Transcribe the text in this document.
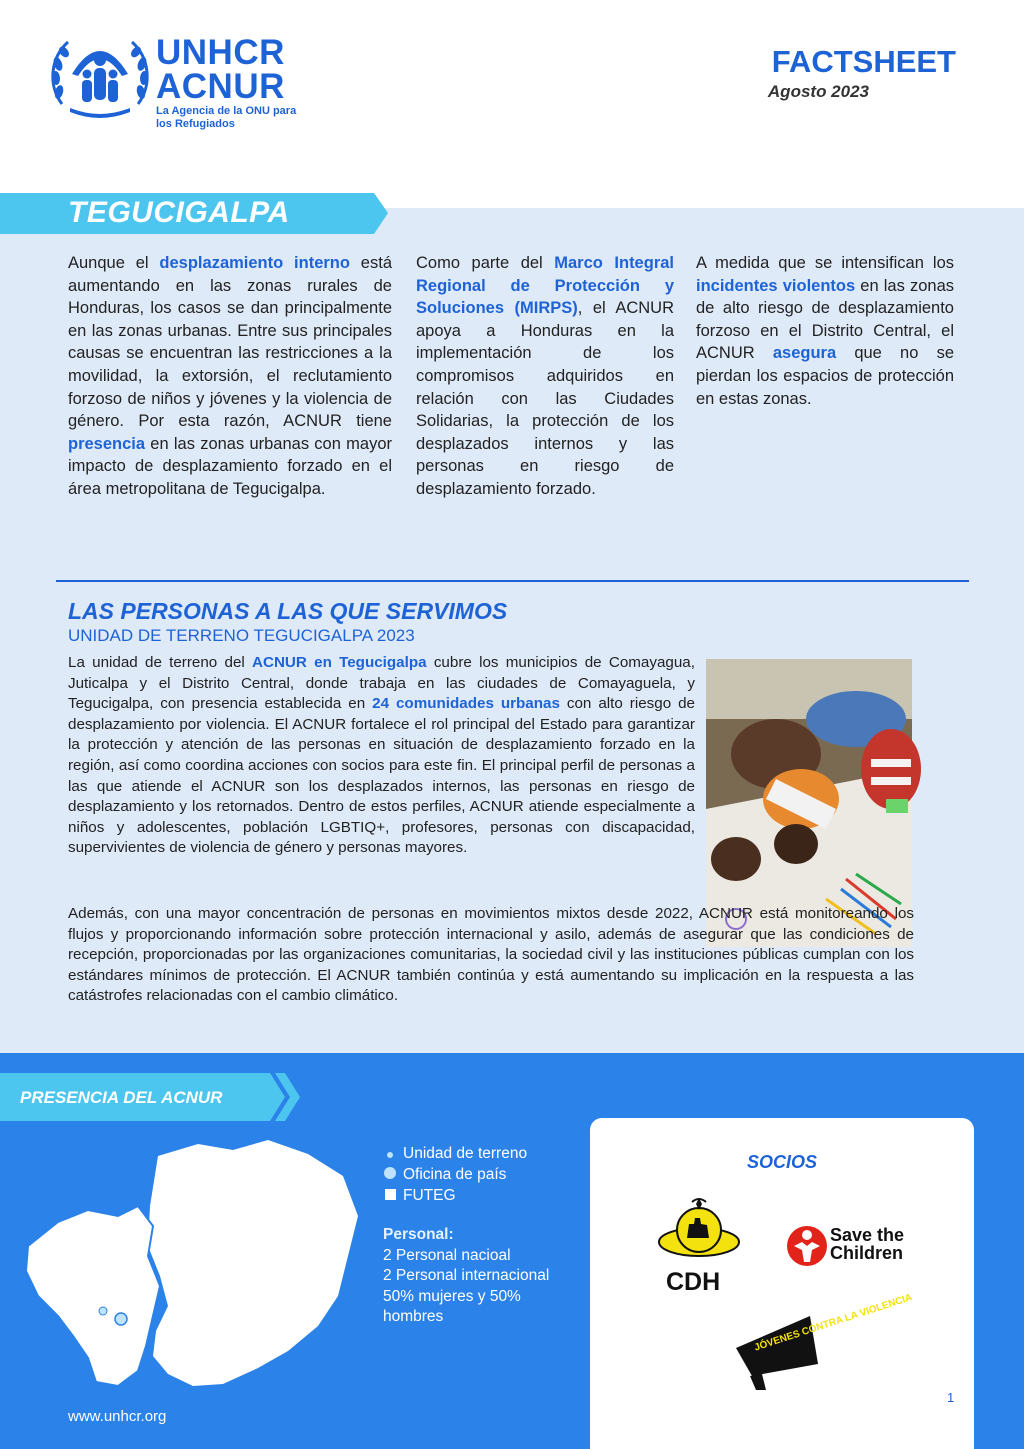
UNHCR
ACNUR
La Agencia de la ONU para los Refugiados
FACTSHEET
Agosto 2023
TEGUCIGALPA
Aunque el desplazamiento interno está aumentando en las zonas rurales de Honduras, los casos se dan principalmente en las zonas urbanas. Entre sus principales causas se encuentran las restricciones a la movilidad, la extorsión, el reclutamiento forzoso de niños y jóvenes y la violencia de género. Por esta razón, ACNUR tiene presencia en las zonas urbanas con mayor impacto de desplazamiento forzado en el área metropolitana de Tegucigalpa.
Como parte del Marco Integral Regional de Protección y Soluciones (MIRPS), el ACNUR apoya a Honduras en la implementación de los compromisos adquiridos en relación con las Ciudades Solidarias, la protección de los desplazados internos y las personas en riesgo de desplazamiento forzado.
A medida que se intensifican los incidentes violentos en las zonas de alto riesgo de desplazamiento forzoso en el Distrito Central, el ACNUR asegura que no se pierdan los espacios de protección en estas zonas.
LAS PERSONAS A LAS QUE SERVIMOS
UNIDAD DE TERRENO TEGUCIGALPA 2023
La unidad de terreno del ACNUR en Tegucigalpa cubre los municipios de Comayagua, Juticalpa y el Distrito Central, donde trabaja en las ciudades de Comayaguela, y Tegucigalpa, con presencia establecida en 24 comunidades urbanas con alto riesgo de desplazamiento por violencia. El ACNUR fortalece el rol principal del Estado para garantizar la protección y atención de las personas en situación de desplazamiento forzado en la región, así como coordina acciones con socios para este fin. El principal perfil de personas a las que atiende el ACNUR son los desplazados internos, las personas en riesgo de desplazamiento y los retornados. Dentro de estos perfiles, ACNUR atiende especialmente a niños y adolescentes, población LGBTIQ+, profesores, personas con discapacidad, supervivientes de violencia de género y personas mayores.
Además, con una mayor concentración de personas en movimientos mixtos desde 2022, ACNUR está monitoreando los flujos y proporcionando información sobre protección internacional y asilo, además de asegurar que las condiciones de recepción, proporcionadas por las organizaciones comunitarias, la sociedad civil y las instituciones públicas cumplan con los estándares mínimos de protección. El ACNUR también continúa y está aumentando su implicación en la respuesta a las catástrofes relacionadas con el cambio climático.
PRESENCIA DEL ACNUR
Unidad de terreno
Oficina de país
FUTEG
Personal:
2 Personal nacioal
2 Personal internacional
50% mujeres y 50% hombres
www.unhcr.org
SOCIOS
CDH
Save the Children
JÓVENES CONTRA LA VIOLENCIA
1
